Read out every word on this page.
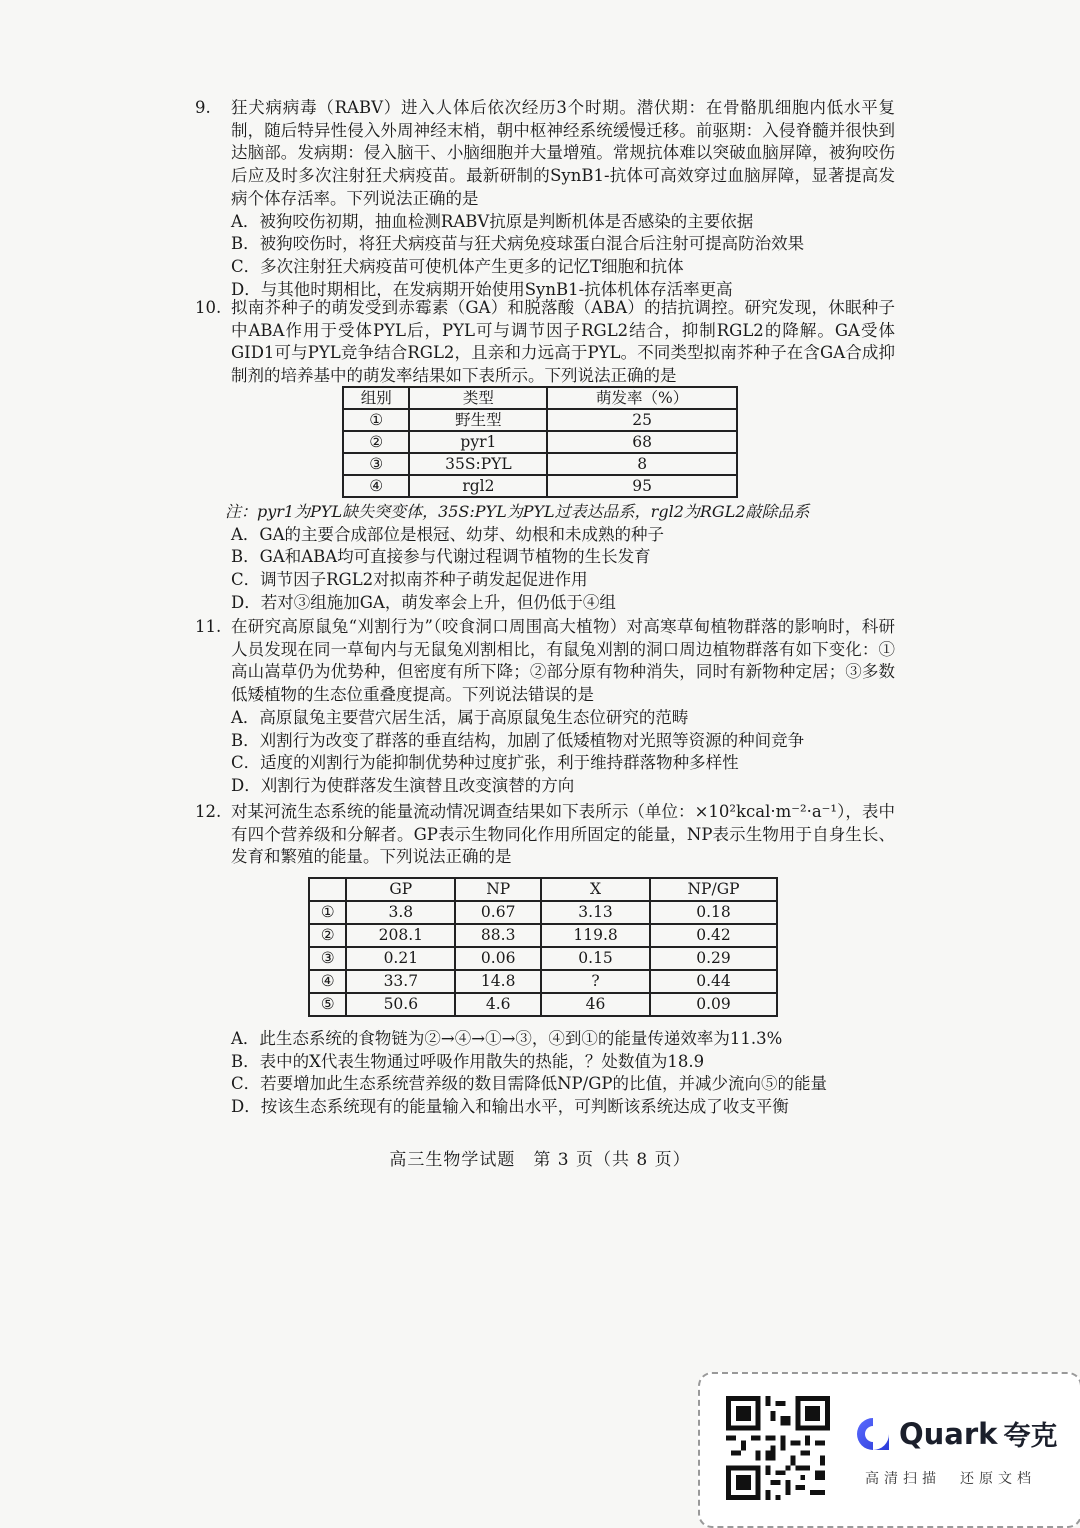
9. 狂犬病病毒（RABV）进入人体后依次经历3个时期。潜伏期：在骨骼肌细胞内低水平复制，随后特异性侵入外周神经末梢，朝中枢神经系统缓慢迁移。前驱期：入侵脊髓并很快到达脑部。发病期：侵入脑干、小脑细胞并大量增殖。常规抗体难以突破血脑屏障，被狗咬伤后应及时多次注射狂犬病疫苗。最新研制的SynB1-抗体可高效穿过血脑屏障，显著提高发病个体存活率。下列说法正确的是
A．被狗咬伤初期，抽血检测RABV抗原是判断机体是否感染的主要依据
B．被狗咬伤时，将狂犬病疫苗与狂犬病免疫球蛋白混合后注射可提高防治效果
C．多次注射狂犬病疫苗可使机体产生更多的记忆T细胞和抗体
D．与其他时期相比，在发病期开始使用SynB1-抗体机体存活率更高
10. 拟南芥种子的萌发受到赤霉素（GA）和脱落酸（ABA）的拮抗调控。研究发现，休眠种子中ABA作用于受体PYL后，PYL可与调节因子RGL2结合，抑制RGL2的降解。GA受体GID1可与PYL竞争结合RGL2，且亲和力远高于PYL。不同类型拟南芥种子在含GA合成抑制剂的培养基中的萌发率结果如下表所示。下列说法正确的是
组别	类型	萌发率（%）
①	野生型	25
②	pyr1	68
③	35S:PYL	8
④	rgl2	95
注：pyr1为PYL缺失突变体，35S:PYL为PYL过表达品系，rgl2为RGL2敲除品系
A．GA的主要合成部位是根冠、幼芽、幼根和未成熟的种子
B．GA和ABA均可直接参与代谢过程调节植物的生长发育
C．调节因子RGL2对拟南芥种子萌发起促进作用
D．若对③组施加GA，萌发率会上升，但仍低于④组
11. 在研究高原鼠兔“刈割行为”（咬食洞口周围高大植物）对高寒草甸植物群落的影响时，科研人员发现在同一草甸内与无鼠兔刈割相比，有鼠兔刈割的洞口周边植物群落有如下变化：①高山嵩草仍为优势种，但密度有所下降；②部分原有物种消失，同时有新物种定居；③多数低矮植物的生态位重叠度提高。下列说法错误的是
A．高原鼠兔主要营穴居生活，属于高原鼠兔生态位研究的范畴
B．刈割行为改变了群落的垂直结构，加剧了低矮植物对光照等资源的种间竞争
C．适度的刈割行为能抑制优势种过度扩张，利于维持群落物种多样性
D．刈割行为使群落发生演替且改变演替的方向
12. 对某河流生态系统的能量流动情况调查结果如下表所示（单位：×10²kcal·m⁻²·a⁻¹），表中有四个营养级和分解者。GP表示生物同化作用所固定的能量，NP表示生物用于自身生长、发育和繁殖的能量。下列说法正确的是
	GP	NP	X	NP/GP
①	3.8	0.67	3.13	0.18
②	208.1	88.3	119.8	0.42
③	0.21	0.06	0.15	0.29
④	33.7	14.8	?	0.44
⑤	50.6	4.6	46	0.09
A．此生态系统的食物链为②→④→①→③，④到①的能量传递效率为11.3%
B．表中的X代表生物通过呼吸作用散失的热能，？处数值为18.9
C．若要增加此生态系统营养级的数目需降低NP/GP的比值，并减少流向⑤的能量
D．按该生态系统现有的能量输入和输出水平，可判断该系统达成了收支平衡
高三生物学试题　第 3 页（共 8 页）
Quark 夸克
高清扫描　还原文档
